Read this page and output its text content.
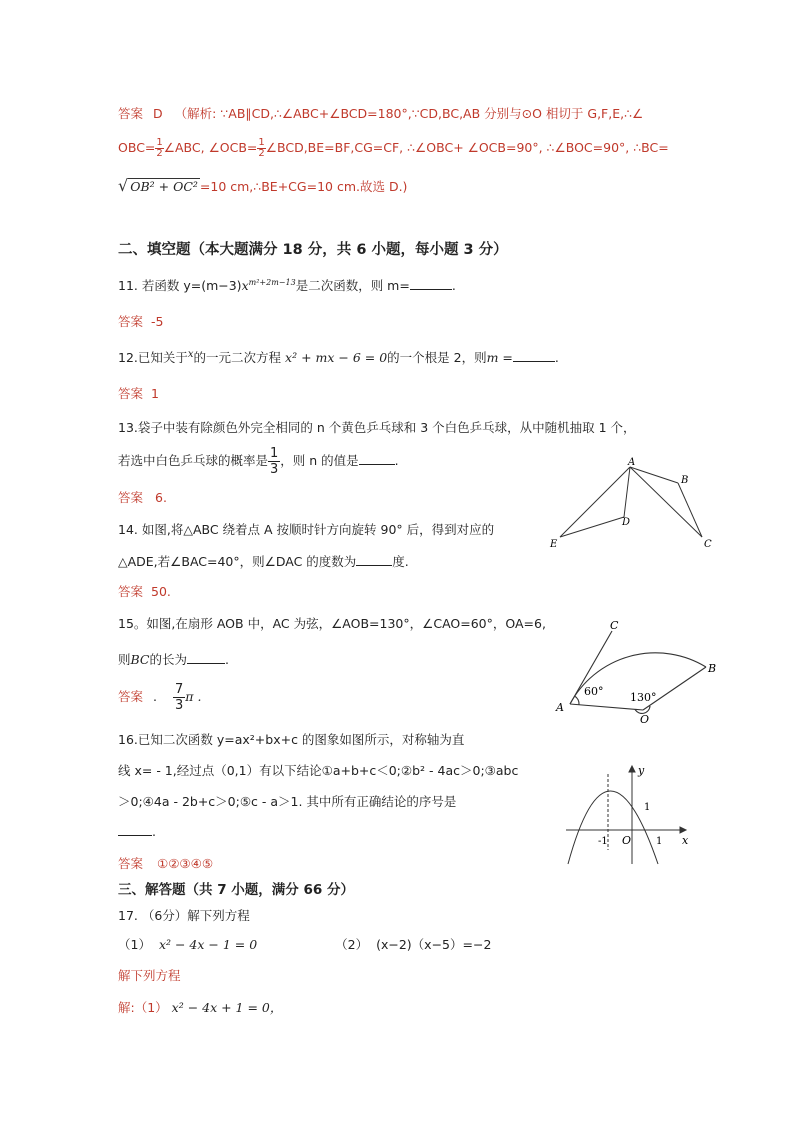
答案 D （解析: ∵AB∥CD,∴∠ABC+∠BCD=180°,∵CD,BC,AB 分别与⊙O 相切于 G,F,E,∴∠
$OBC= \frac{1}{2}$ ∠ABC, ∠OCB= $\frac{1}{2}$ ∠BCD,BE=BF,CG=CF, ∴∠OBC+ ∠OCB=90°, ∴∠BOC=90°, ∴BC=
√ OB² + OC² =10 cm,∴BE+CG=10 cm.故选 D.)
二、填空题（本大题满分 18 分，共 6 小题，每小题 3 分）
11. 若函数 $y=(m-3)x^{m^2+2m-13}$是二次函数，则 m=	.
答案 -5
12.已知关于$^x$的一元二次方程 x² + mx − 6 = 0的一个根是 2，则m =	.
答案 1
13.袋子中装有除颜色外完全相同的 n 个黄色乒乓球和 3 个白色乒乓球，从中随机抽取 1 个，
若选中白色乒乓球的概率是 $\frac{1}{3}$ ，则 n 的值是	.
答案 6.
14. 如图,将△ABC 绕着点 A 按顺时针方向旋转 90° 后，得到对应的
△ADE,若∠BAC=40°，则∠DAC 的度数为	度.
答案 50.
A
B
C
D
E
15。如图,在扇形 AOB 中，AC 为弦，∠AOB=130°，∠CAO=60°，OA=6,
则BC的长为	.
答案 . $\frac{7}{3}$ π .
C
B
A
O
60° 130°
16.已知二次函数 y=ax²+bx+c 的图象如图所示，对称轴为直
线 x= - 1,经过点（0,1）有以下结论①a+b+c＜0;②b² - 4ac＞0;③abc
＞0;④4a - 2b+c＞0;⑤c - a＞1. 其中所有正确结论的序号是
.
答案 ①②③④⑤
y
x
1
-1 O 1
三、解答题（共 7 小题，满分 66 分）
17. （6分）解下列方程
（1） x² − 4x − 1 = 0	（2） (x−2)（x−5）=−2
解下列方程
解:（1） x² − 4x + 1 = 0，
